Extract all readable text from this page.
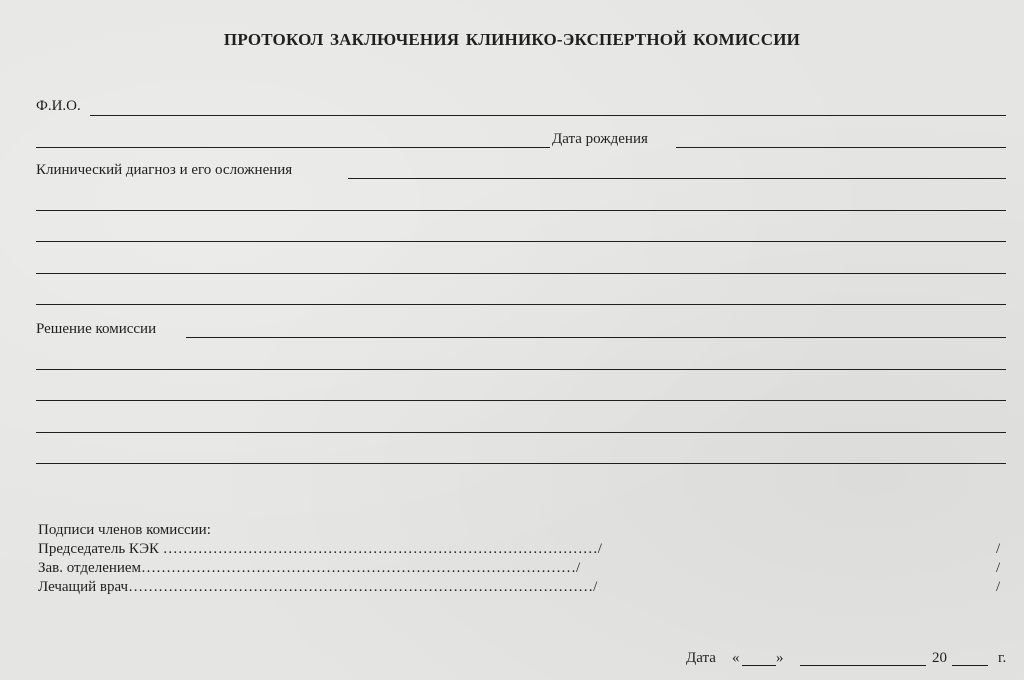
ПРОТОКОЛ ЗАКЛЮЧЕНИЯ КЛИНИКО-ЭКСПЕРТНОЙ КОМИССИИ
Ф.И.О.
Дата рождения
Клинический диагноз и его осложнения
Решение комиссии
Подписи членов комиссии:
Председатель КЭК ……………………………………………………………………………/	/
Зав. отделением……………………………………………………………………………/	/
Лечащий врач…………………………………………………………………………………/	/
Дата « »	20	г.
